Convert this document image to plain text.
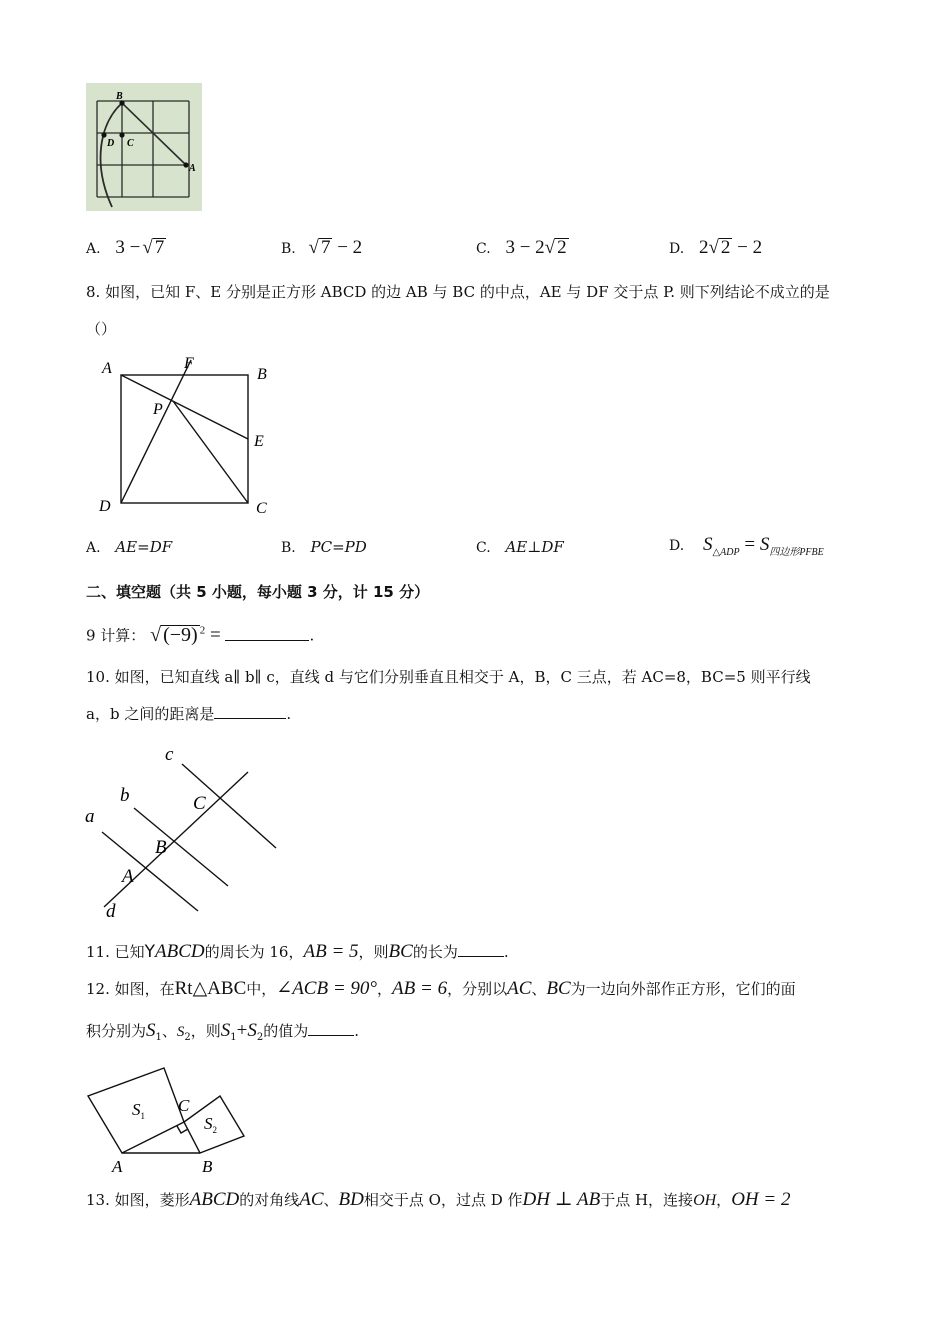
B
D C
A
A. 3 − √ 7	B. √ 7 − 2	C. 3 − 2√ 2	D. 2√ 2 − 2
8. 如图，已知 F、E 分别是正方形 ABCD 的边 AB 与 BC 的中点，AE 与 DF 交于点 P. 则下列结论不成立的是
（）
A	F
B
P
E
D	C
A. AE=DF	B. PC=PD	C. AE⊥DF	D. $S_{\triangle ADP} = S_{四边形PFBE}$
二、填空题（共 5 小题，每小题 3 分，计 15 分）
9 计算： √ (−9) $^2$ =	.
10. 如图，已知直线 a∥ b∥ c，直线 d 与它们分别垂直且相交于 A，B，C 三点，若 AC=8，BC=5 则平行线
a，b 之间的距离是	.
c
b
a
C
B
A
d
11. 已知YABCD的周长为 16，AB = 5，则BC的长为	.
12. 如图，在Rt△ABC中，∠ACB = 90°，AB = 6，分别以AC、BC为一边向外部作正方形，它们的面
积分别为$S_1$、$S_2$，则$S_1+S_2$的值为	.
$S_1$
C
$S_2$
A	B
13. 如图，菱形ABCD的对角线AC、BD相交于点 O，过点 D 作DH ⊥ AB于点 H，连接OH，OH = 2
